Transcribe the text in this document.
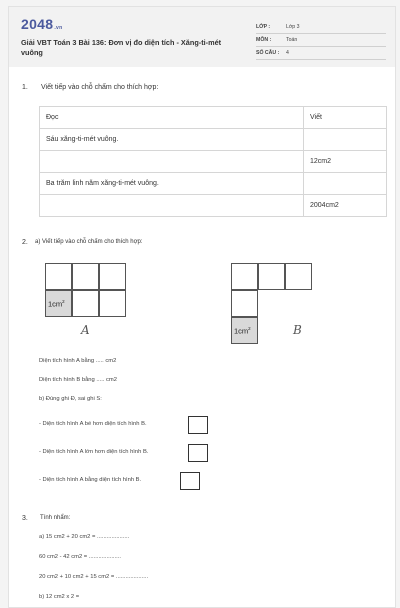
2048.vn
Giải VBT Toán 3 Bài 136: Đơn vị đo diện tích - Xăng-ti-mét vuông
LỚP :	Lớp 3
MÔN :	Toán
SỐ CÂU : 4
1. Viết tiếp vào chỗ chấm cho thích hợp:
Đọc	Viết
Sáu xăng-ti-mét vuông.	
	12cm2
Ba trăm linh năm xăng-ti-mét vuông.	
	2004cm2
2. a) Viết tiếp vào chỗ chấm cho thích hợp:
$1cm^2$
A	$1cm^2$	B
Diện tích hình A bằng ..... cm2
Diện tích hình B bằng ..... cm2
b) Đúng ghi Đ, sai ghi S:
- Diện tích hình A bé hơn diện tích hình B.
- Diện tích hình A lớn hơn diện tích hình B.
- Diện tích hình A bằng diện tích hình B.
3. Tính nhẩm:
a) 15 cm2 + 20 cm2 = ....................
60 cm2 - 42 cm2 = ....................
20 cm2 + 10 cm2 + 15 cm2 = ....................
b) 12 cm2 x 2 =
